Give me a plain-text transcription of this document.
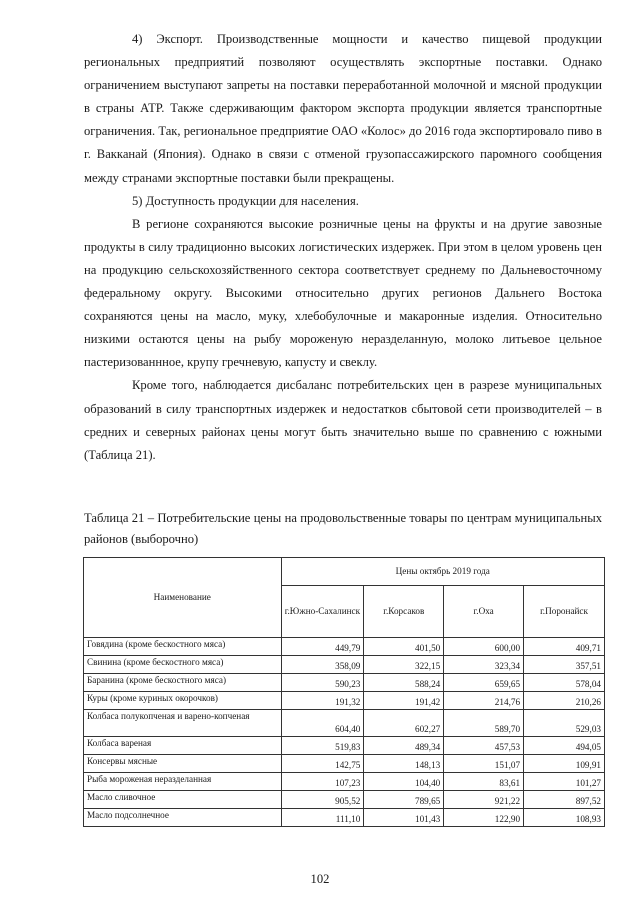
4) Экспорт. Производственные мощности и качество пищевой продукции региональных предприятий позволяют осуществлять экспортные поставки. Однако ограничением выступают запреты на поставки переработанной молочной и мясной продукции в страны АТР. Также сдерживающим фактором экспорта продукции является транспортные ограничения. Так, региональное предприятие ОАО «Колос» до 2016 года экспортировало пиво в г. Вакканай (Япония). Однако в связи с отменой грузопассажирского паромного сообщения между странами экспортные поставки были прекращены.

5) Доступность продукции для населения.

В регионе сохраняются высокие розничные цены на фрукты и на другие завозные продукты в силу традиционно высоких логистических издержек. При этом в целом уровень цен на продукцию сельскохозяйственного сектора соответствует среднему по Дальневосточному федеральному округу. Высокими относительно других регионов Дальнего Востока сохраняются цены на масло, муку, хлебобулочные и макаронные изделия. Относительно низкими остаются цены на рыбу мороженую неразделанную, молоко литьевое цельное пастеризованнное, крупу гречневую, капусту и свеклу.

Кроме того, наблюдается дисбаланс потребительских цен в разрезе муниципальных образований в силу транспортных издержек и недостатков сбытовой сети производителей – в средних и северных районах цены могут быть значительно выше по сравнению с южными (Таблица 21).

Таблица 21 – Потребительские цены на продовольственные товары по центрам муниципальных районов (выборочно)

Наименование	Цены октябрь 2019 года			
	г.Южно-Сахалинск	г.Корсаков	г.Оха	г.Поронайск
Говядина (кроме бескостного мяса)	449,79	401,50	600,00	409,71
Свинина (кроме бескостного мяса)	358,09	322,15	323,34	357,51
Баранина (кроме бескостного мяса)	590,23	588,24	659,65	578,04
Куры (кроме куриных окорочков)	191,32	191,42	214,76	210,26
Колбаса полукопченая и варено-копченая	604,40	602,27	589,70	529,03
Колбаса вареная	519,83	489,34	457,53	494,05
Консервы мясные	142,75	148,13	151,07	109,91
Рыба мороженая неразделанная	107,23	104,40	83,61	101,27
Масло сливочное	905,52	789,65	921,22	897,52
Масло подсолнечное	111,10	101,43	122,90	108,93
102
